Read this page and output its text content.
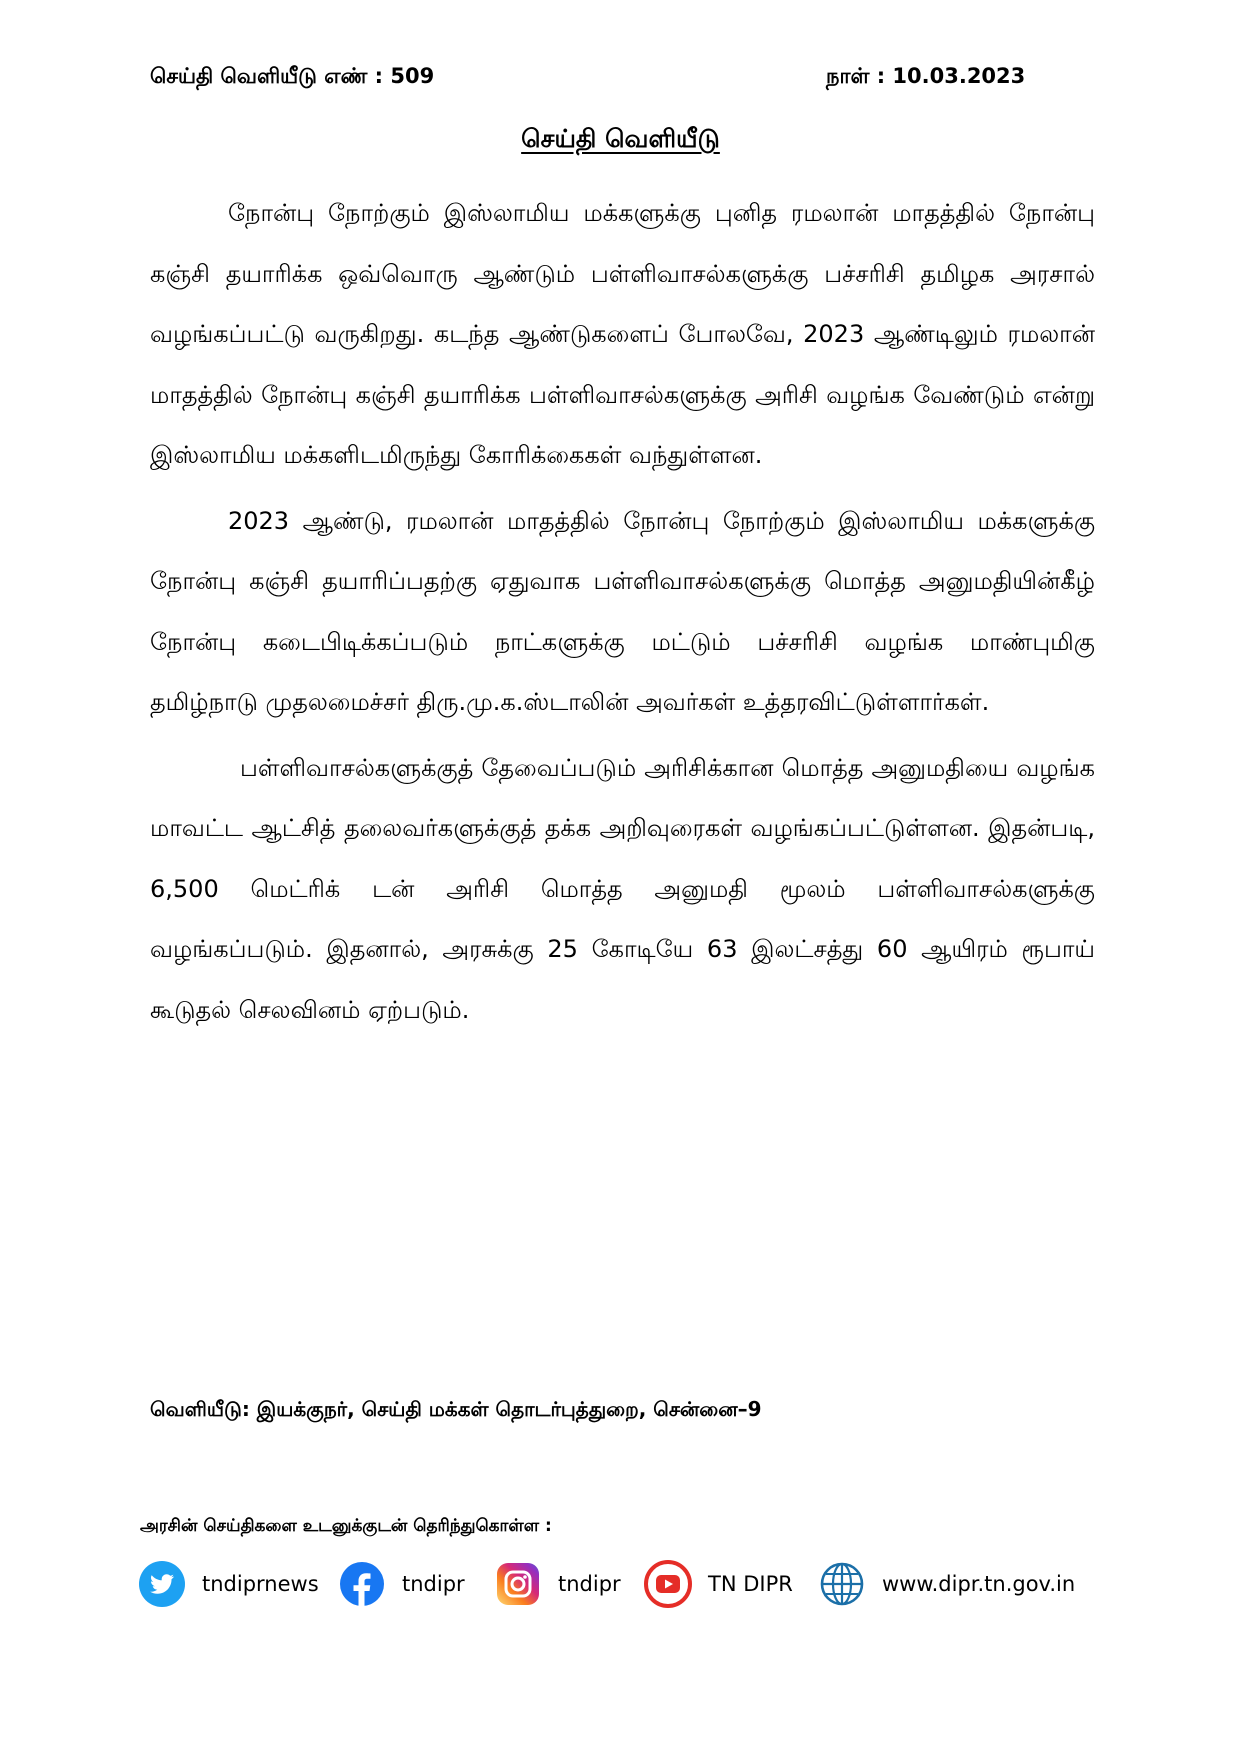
செய்தி வெளியீடு எண் : 509	நாள் : 10.03.2023
செய்தி வெளியீடு

நோன்பு நோற்கும் இஸ்லாமிய மக்களுக்கு புனித ரமலான் மாதத்தில் நோன்பு கஞ்சி தயாரிக்க ஒவ்வொரு ஆண்டும் பள்ளிவாசல்களுக்கு பச்சரிசி தமிழக அரசால் வழங்கப்பட்டு வருகிறது. கடந்த ஆண்டுகளைப் போலவே, 2023 ஆண்டிலும் ரமலான் மாதத்தில் நோன்பு கஞ்சி தயாரிக்க பள்ளிவாசல்களுக்கு அரிசி வழங்க வேண்டும் என்று இஸ்லாமிய மக்களிடமிருந்து கோரிக்கைகள் வந்துள்ளன.

2023 ஆண்டு, ரமலான் மாதத்தில் நோன்பு நோற்கும் இஸ்லாமிய மக்களுக்கு நோன்பு கஞ்சி தயாரிப்பதற்கு ஏதுவாக பள்ளிவாசல்களுக்கு மொத்த அனுமதியின்கீழ் நோன்பு கடைபிடிக்கப்படும் நாட்களுக்கு மட்டும் பச்சரிசி வழங்க மாண்புமிகு தமிழ்நாடு முதலமைச்சர் திரு.மு.க.ஸ்டாலின் அவர்கள் உத்தரவிட்டுள்ளார்கள்.

பள்ளிவாசல்களுக்குத் தேவைப்படும் அரிசிக்கான மொத்த அனுமதியை வழங்க மாவட்ட ஆட்சித் தலைவர்களுக்குத் தக்க அறிவுரைகள் வழங்கப்பட்டுள்ளன. இதன்படி, 6,500 மெட்ரிக் டன் அரிசி மொத்த அனுமதி மூலம் பள்ளிவாசல்களுக்கு வழங்கப்படும். இதனால், அரசுக்கு 25 கோடியே 63 இலட்சத்து 60 ஆயிரம் ரூபாய் கூடுதல் செலவினம் ஏற்படும்.

வெளியீடு: இயக்குநர், செய்தி மக்கள் தொடர்புத்துறை, சென்னை–9
அரசின் செய்திகளை உடனுக்குடன் தெரிந்துகொள்ள :
tndiprnews	tndipr	tndipr	TN DIPR	www.dipr.tn.gov.in
